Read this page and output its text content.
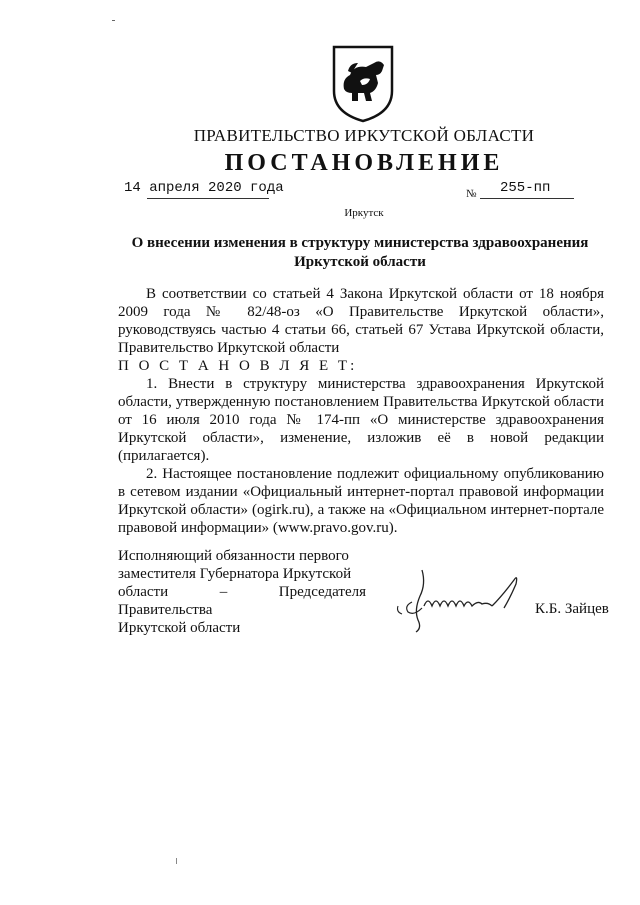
ПРАВИТЕЛЬСТВО ИРКУТСКОЙ ОБЛАСТИ
ПОСТАНОВЛЕНИЕ
14 апреля 2020 года	№ 255-пп
Иркутск
О внесении изменения в структуру министерства здравоохранения
Иркутской области

В соответствии со статьей 4 Закона Иркутской области от 18 ноября 2009 года № 82/48-оз «О Правительстве Иркутской области», руководствуясь частью 4 статьи 66, статьей 67 Устава Иркутской области, Правительство Иркутской области

П О С Т А Н О В Л Я Е Т:

1. Внести в структуру министерства здравоохранения Иркутской области, утвержденную постановлением Правительства Иркутской области от 16 июля 2010 года № 174-пп «О министерстве здравоохранения Иркутской области», изменение, изложив её в новой редакции (прилагается).

2. Настоящее постановление подлежит официальному опубликованию в сетевом издании «Официальный интернет-портал правовой информации Иркутской области» (ogirk.ru), а также на «Официальном интернет-портале правовой информации» (www.pravo.gov.ru).

Исполняющий обязанности первого
заместителя Губернатора Иркутской
области – Председателя Правительства
Иркутской области
К.Б. Зайцев
